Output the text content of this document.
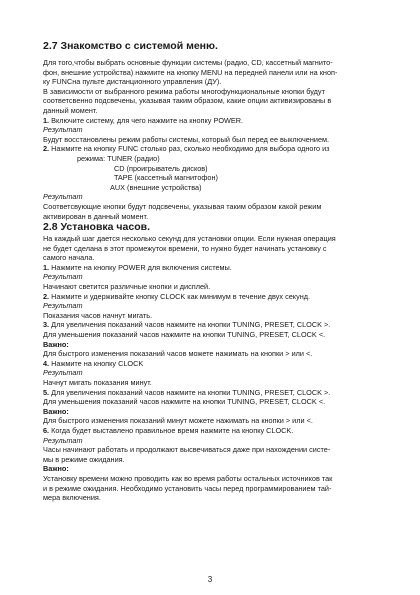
2.7 Знакомство с системой меню.

Для того,чтобы выбрать основные функции системы (радио, CD, кассетный магнито-

фон, внешние устройства) нажмите на кнопку MENU на передней панели или на кноп-

ку FUNCна пульте дистанционного управления (ДУ).

В зависимости от выбранного режима работы многофункциональные кнопки будут

соответсвенно подсвечены, указывая таким образом, какие опции активизированы в

данный момент.

1. Включите систему, для чего нажмите на кнопку POWER.

Результат

Будут восстановлены режим работы системы, который был перед ее выключением.

2. Нажмите на кнопку FUNC столько раз, сколько необходимо для выбора одного из

режима: TUNER (радио)

CD (проигрыватель дисков)

TAPE (кассетный магнитофон)

AUX (внешние устройства)

Результат

Соответсвующие кнопки будут подсвечены, указывая таким образом какой режим

активирован в данный момент.

2.8 Установка часов.

На каждый шаг дается несколько секунд для установки опции. Если нужная операция

не будет сделана в этот промежуток времени, то нужно будет начинать установку с

самого начала.

1. Нажмите на кнопку POWER для включения системы.

Результат

Начинают светится различные кнопки и дисплей.

2. Нажмите и удерживайте кнопку CLOCK как минимум в течение двух секунд.

Результат

Показания часов начнут мигать.

3. Для увеличения показаний часов нажмите на кнопки TUNING, PRESET, CLOCK >.

Для уменьшения показаний часов нажмите на кнопки TUNING, PRESET, CLOCK <.

Важно:

Для быстрого изменения показаний часов можете нажимать на кнопки > или <.

4. Нажмите на кнопку CLOCK

Результат

Начнут мигать показания минут.

5. Для увеличения показаний часов нажмите на кнопки TUNING, PRESET, CLOCK >.

Для уменьшения показаний часов нажмите на кнопки TUNING, PRESET, CLOCK <.

Важно:

Для быстрого изменения показаний минут можете нажимать на кнопки > или <.

6. Когда будет выставлено правильное время нажмите на кнопку CLOCK.

Результат

Часы начинают работать и продолжают высвечиваться даже при нахождении систе-

мы в режиме ожидания.

Важно:

Установку времени можно проводить как во время работы остальных источников так

и в режиме ожидания. Необходимо установить часы перед программированием тай-

мера включения.

3
